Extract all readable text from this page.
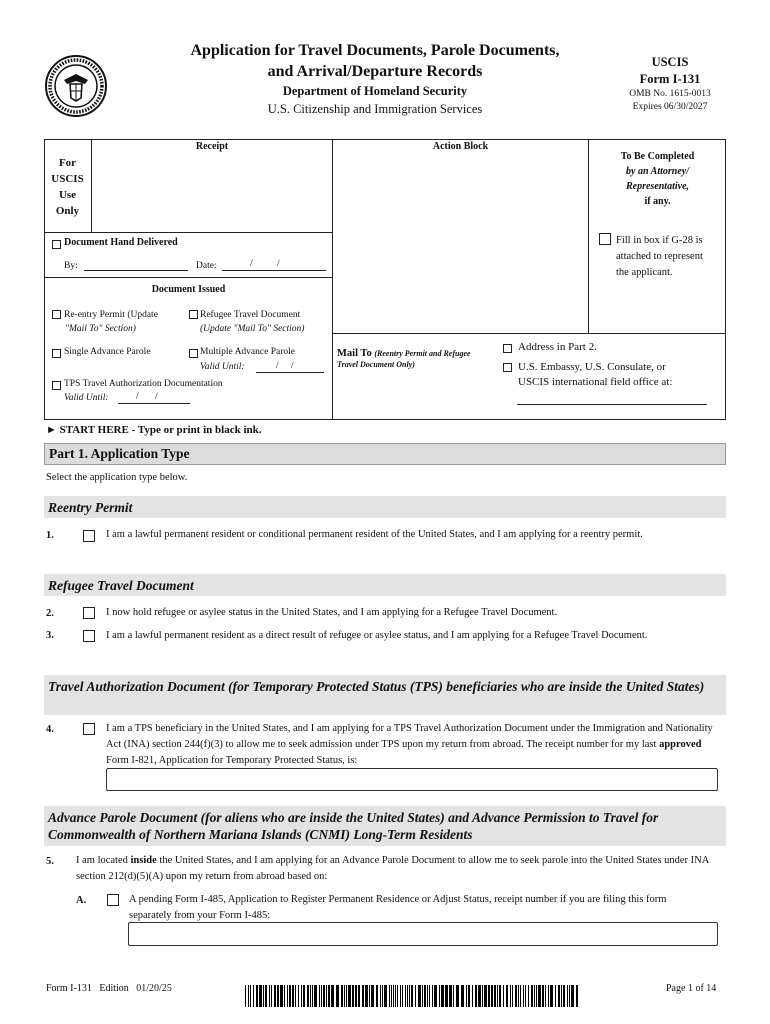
Application for Travel Documents, Parole Documents,
and Arrival/Departure Records
Department of Homeland Security
U.S. Citizenship and Immigration Services
USCIS
Form I-131
OMB No. 1615-0013
Expires 06/30/2027
For
USCIS
Use
Only
Receipt	Action Block
To Be Completed
by an Attorney/
Representative,
if any.
Fill in box if G-28 is
attached to represent
the applicant.
Document Hand Delivered
By:	Date:	/ /
Document Issued
Re-entry Permit (Update
"Mail To" Section)
Refugee Travel Document
(Update "Mail To" Section)
Single Advance Parole	Multiple Advance Parole
Valid Until:	/ /
TPS Travel Authorization Documentation
Valid Until:	/ /
Mail To (Reentry Permit and Refugee Travel Document Only)
Address in Part 2.
U.S. Embassy, U.S. Consulate, or
USCIS international field office at:
► START HERE - Type or print in black ink.
Part 1. Application Type
Select the application type below.
Reentry Permit
1.	I am a lawful permanent resident or conditional permanent resident of the United States, and I am applying for a reentry permit.
Refugee Travel Document
2.	I now hold refugee or asylee status in the United States, and I am applying for a Refugee Travel Document.
3.	I am a lawful permanent resident as a direct result of refugee or asylee status, and I am applying for a Refugee Travel Document.
Travel Authorization Document (for Temporary Protected Status (TPS) beneficiaries who are inside the United States)
4.	I am a TPS beneficiary in the United States, and I am applying for a TPS Travel Authorization Document under the Immigration and Nationality Act (INA) section 244(f)(3) to allow me to seek admission under TPS upon my return from abroad. The receipt number for my last approved Form I-821, Application for Temporary Protected Status, is:
Advance Parole Document (for aliens who are inside the United States) and Advance Permission to Travel for Commonwealth of Northern Mariana Islands (CNMI) Long-Term Residents
5. I am located inside the United States, and I am applying for an Advance Parole Document to allow me to seek parole into the United States under INA section 212(d)(5)(A) upon my return from abroad based on:
A.	A pending Form I-485, Application to Register Permanent Residence or Adjust Status, receipt number if you are filing this form separately from your Form I-485:
Form I-131   Edition   01/20/25	Page 1 of 14
